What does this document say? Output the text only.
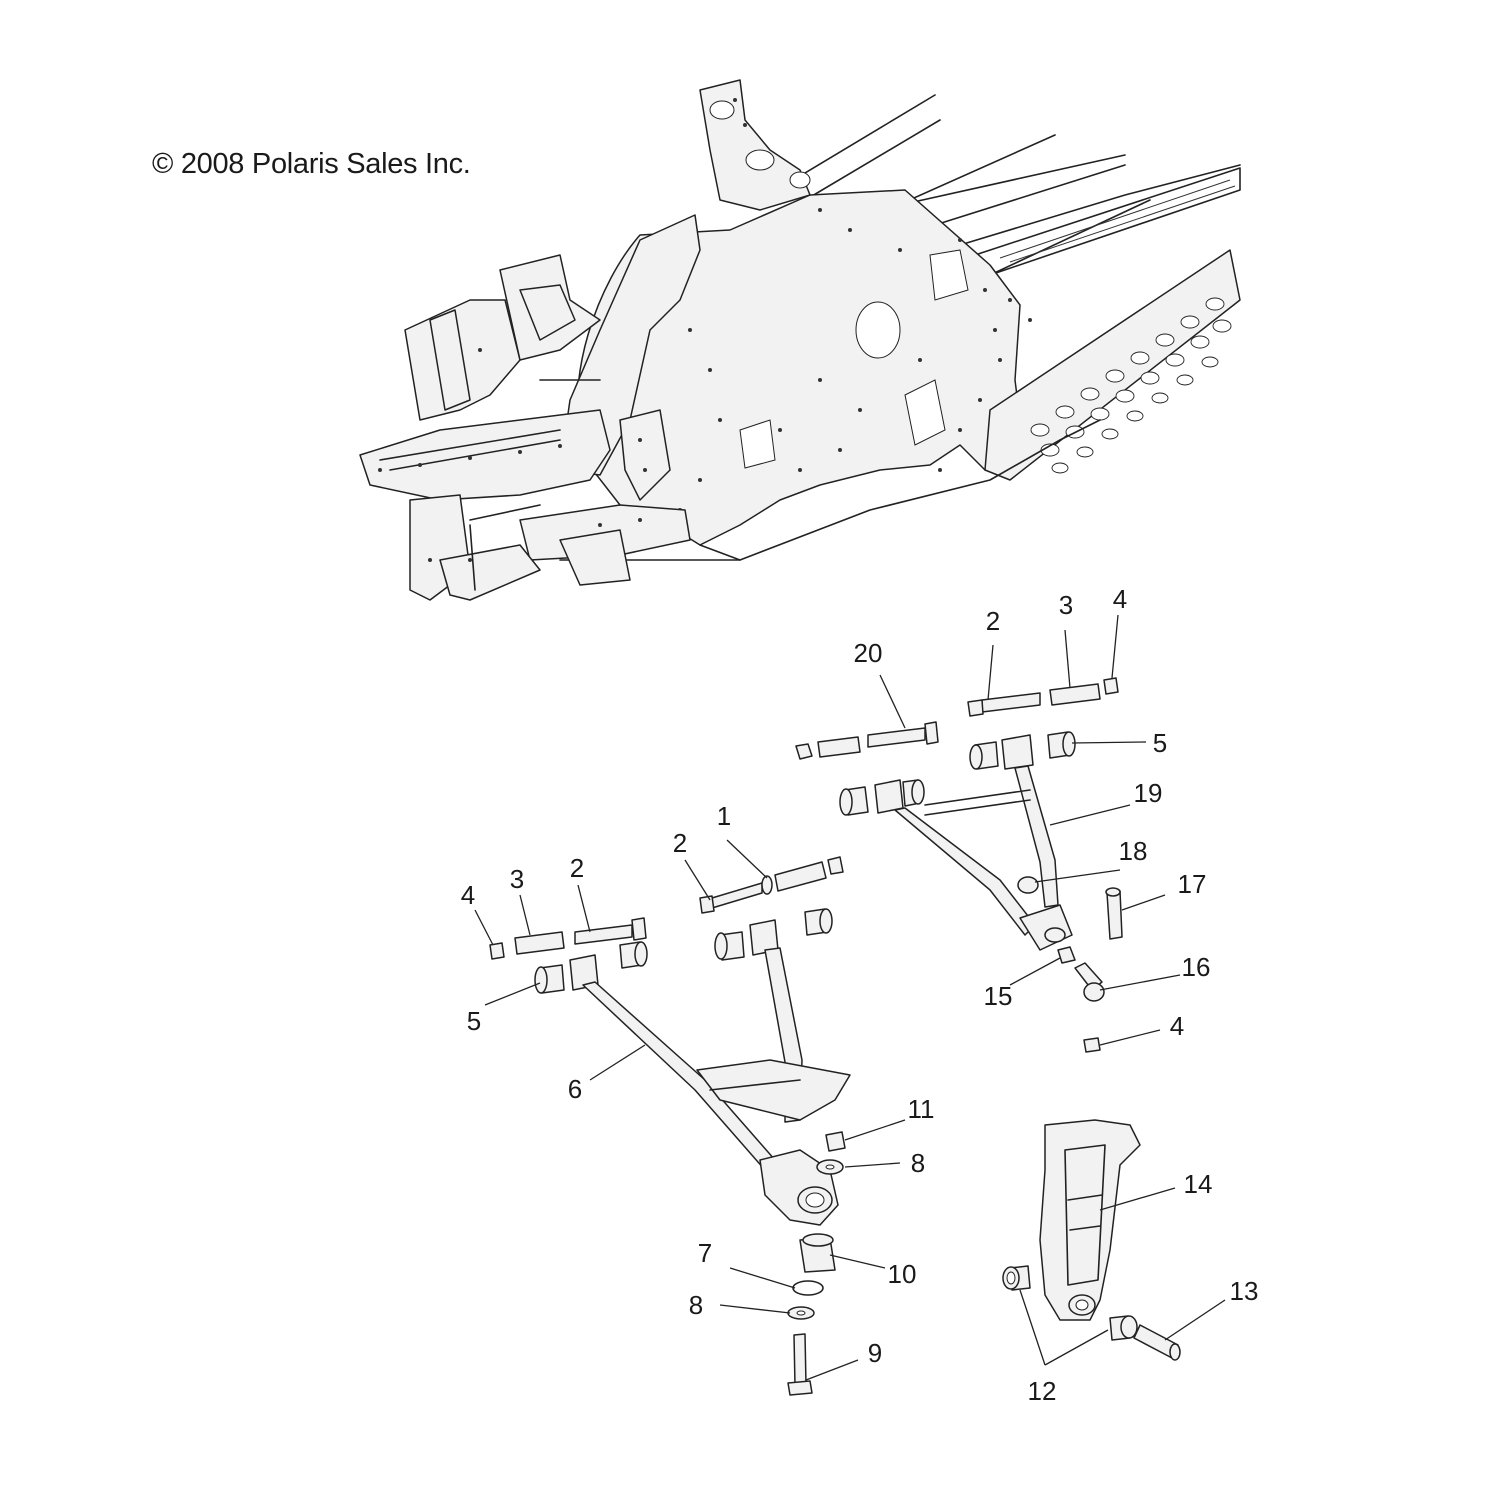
© 2008 Polaris Sales Inc.
20
2
3 4
5
19
18
17
16
15
4
1
2
2
3
4
5
6
11
8
14
7
10
8
9
13
12
